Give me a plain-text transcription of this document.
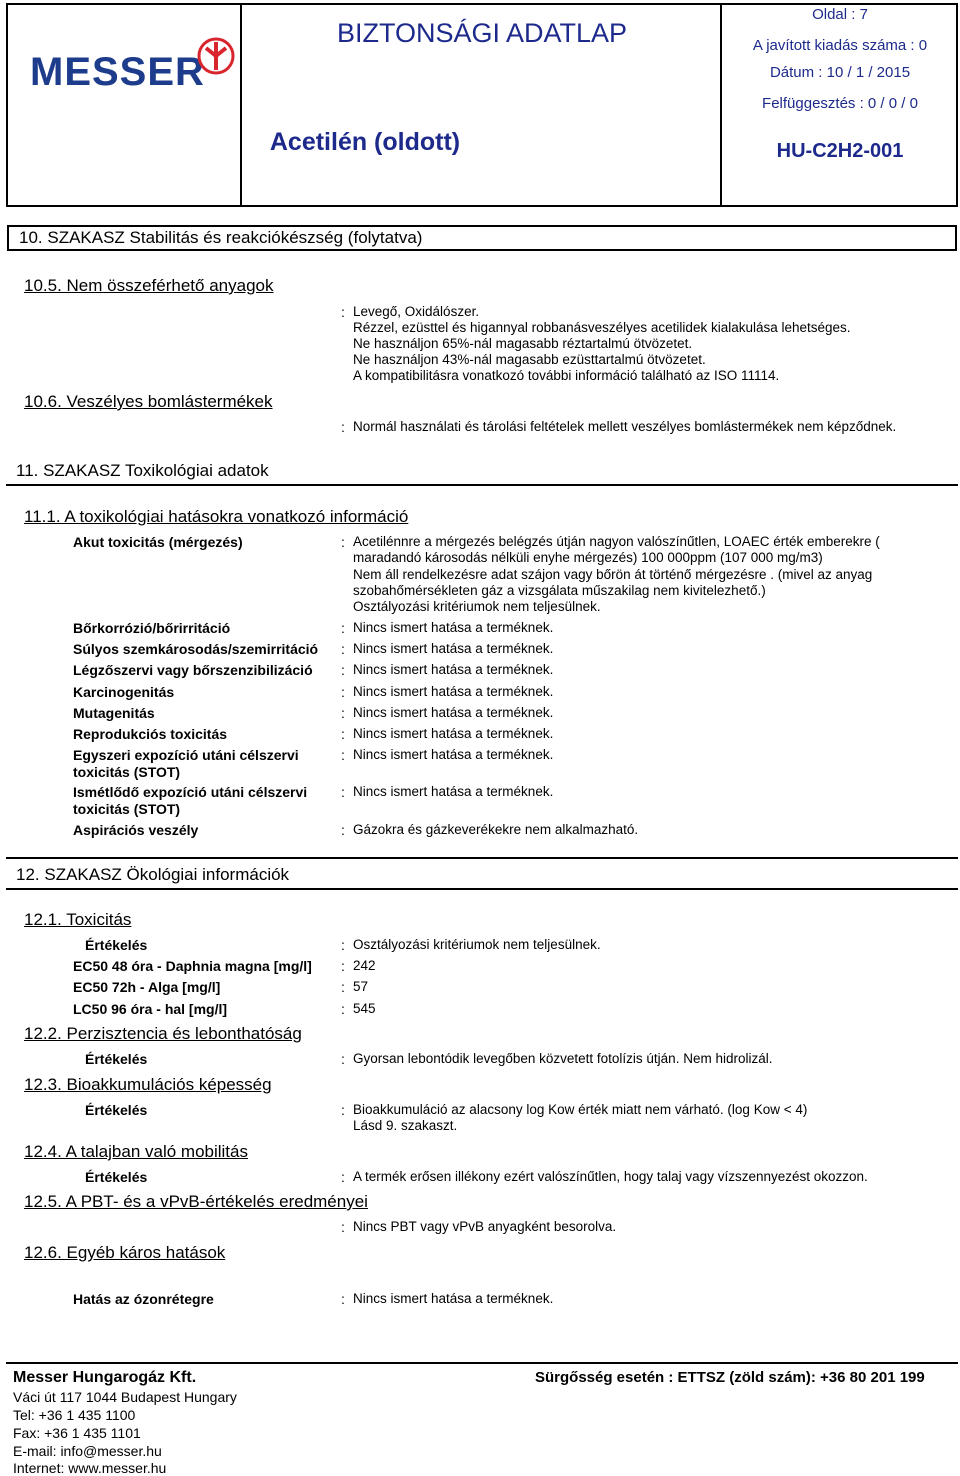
MESSER
BIZTONSÁGI ADATLAP
Acetilén (oldott)
Oldal : 7
A javított kiadás száma : 0
Dátum : 10 / 1 / 2015
Felfüggesztés : 0 / 0 / 0
HU-C2H2-001
10. SZAKASZ Stabilitás és reakciókészség (folytatva)
10.5. Nem összeférhető anyagok
: Levegő, Oxidálószer.
Rézzel, ezüsttel és higannyal robbanásveszélyes acetilidek kialakulása lehetséges.
Ne használjon 65%-nál magasabb réztartalmú ötvözetet.
Ne használjon 43%-nál magasabb ezüsttartalmú ötvözetet.
A kompatibilitásra vonatkozó további információ található az ISO 11114.
10.6. Veszélyes bomlástermékek
: Normál használati és tárolási feltételek mellett veszélyes bomlástermékek nem képződnek.
11. SZAKASZ Toxikológiai adatok
11.1. A toxikológiai hatásokra vonatkozó információ
Akut toxicitás (mérgezés)	: Acetilénnre a mérgezés belégzés útján nagyon valószínűtlen, LOAEC érték emberekre (
maradandó károsodás nélküli enyhe mérgezés) 100 000ppm (107 000 mg/m3)
Nem áll rendelkezésre adat szájon vagy bőrön át történő mérgezésre . (mivel az anyag
szobahőmérsékleten gáz a vizsgálata műszakilag nem kivitelezhető.)
Osztályozási kritériumok nem teljesülnek.
Bőrkorrózió/bőrirritáció	: Nincs ismert hatása a terméknek.
Súlyos szemkárosodás/szemirritáció : Nincs ismert hatása a terméknek.
Légzőszervi vagy bőrszenzibilizáció : Nincs ismert hatása a terméknek.
Karcinogenitás	: Nincs ismert hatása a terméknek.
Mutagenitás	: Nincs ismert hatása a terméknek.
Reprodukciós toxicitás	: Nincs ismert hatása a terméknek.
Egyszeri expozíció utáni célszervi
toxicitás (STOT)
: Nincs ismert hatása a terméknek.
Ismétlődő expozíció utáni célszervi
toxicitás (STOT)
: Nincs ismert hatása a terméknek.
Aspirációs veszély	: Gázokra és gázkeverékekre nem alkalmazható.
12. SZAKASZ Ökológiai információk
12.1. Toxicitás
Értékelés	: Osztályozási kritériumok nem teljesülnek.
EC50 48 óra - Daphnia magna [mg/l] : 242
EC50 72h - Alga [mg/l]	: 57
LC50 96 óra - hal [mg/l]	: 545
12.2. Perzisztencia és lebonthatóság
Értékelés	: Gyorsan lebontódik levegőben közvetett fotolízis útján. Nem hidrolizál.
12.3. Bioakkumulációs képesség
Értékelés	: Bioakkumuláció az alacsony log Kow érték miatt nem várható. (log Kow < 4)
Lásd 9. szakaszt.
12.4. A talajban való mobilitás
Értékelés	: A termék erősen illékony ezért valószínűtlen, hogy talaj vagy vízszennyezést okozzon.
12.5. A PBT- és a vPvB-értékelés eredményei
: Nincs PBT vagy vPvB anyagként besorolva.
12.6. Egyéb káros hatások
Hatás az ózonrétegre	: Nincs ismert hatása a terméknek.
Messer Hungarogáz Kft.
Váci út 117 1044 Budapest Hungary
Tel: +36 1 435 1100
Fax: +36 1 435 1101
E-mail: info@messer.hu
Internet: www.messer.hu
Sürgősség esetén : ETTSZ (zöld szám): +36 80 201 199
